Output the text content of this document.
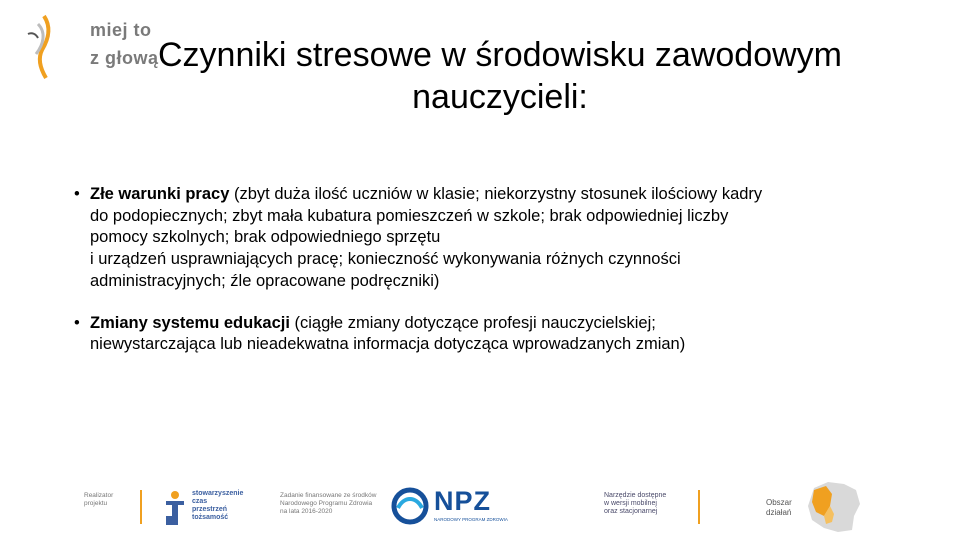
miej to
z głową Czynniki stresowe w środowisku zawodowym
nauczycieli:
• Złe warunki pracy (zbyt duża ilość uczniów w klasie; niekorzystny stosunek ilościowy kadry
do podopiecznych; zbyt mała kubatura pomieszczeń w szkole; brak odpowiedniej liczby
pomocy szkolnych; brak odpowiedniego sprzętu
i urządzeń usprawniających pracę; konieczność wykonywania różnych czynności
administracyjnych; źle opracowane podręczniki)
• Zmiany systemu edukacji (ciągłe zmiany dotyczące profesji nauczycielskiej;
niewystarczająca lub nieadekwatna informacja dotycząca wprowadzanych zmian)
Realizator
projektu
stowarzyszenie
czas
przestrzeń
tożsamość
Zadanie finansowane ze środków
Narodowego Programu Zdrowia
na lata 2016-2020	NPZ
NARODOWY PROGRAM ZDROWIA
Narzędzie dostępne
w wersji mobilnej
oraz stacjonarnej
Obszar
działań
